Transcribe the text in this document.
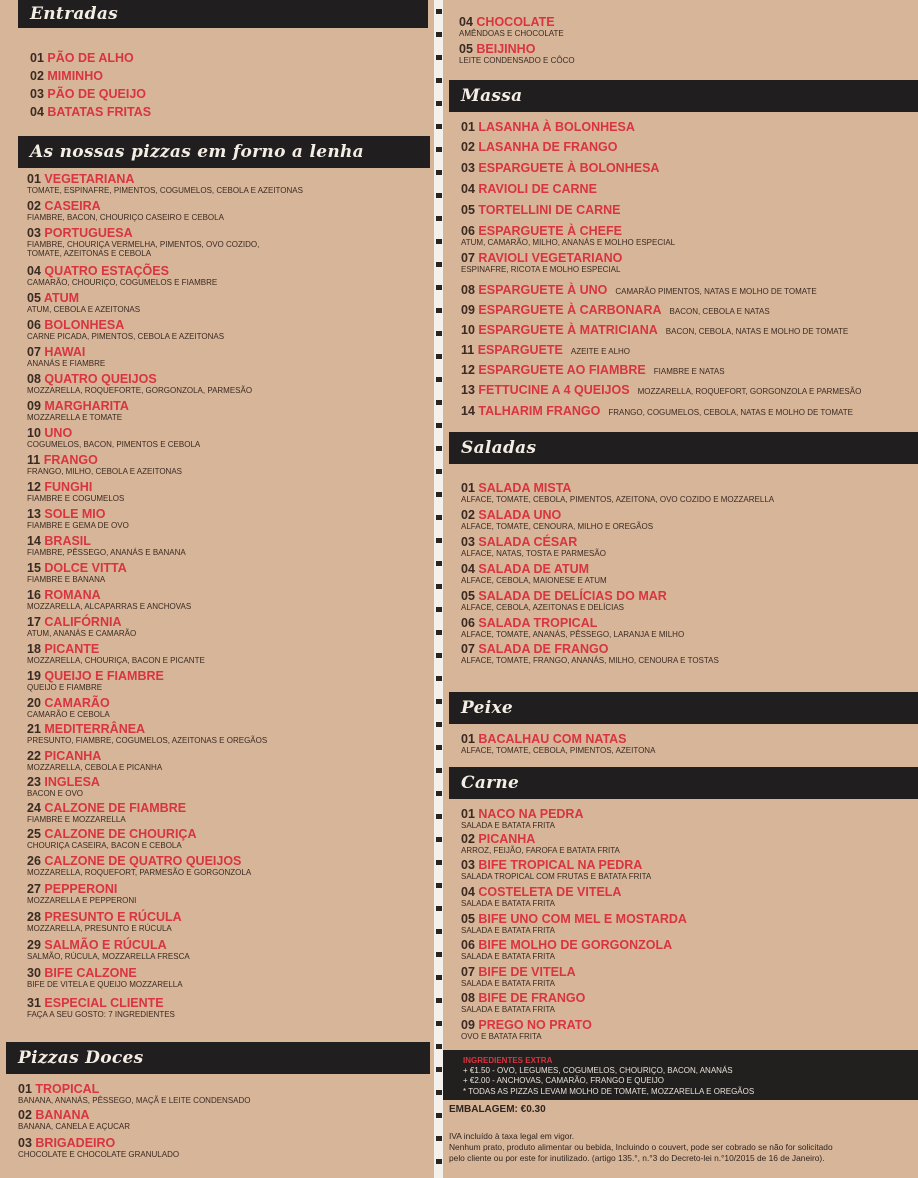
Entradas
As nossas pizzas em forno a lenha
Pizzas Doces
Massa
Saladas
Peixe
Carne
01 PÃO DE ALHO
02 MIMINHO
03 PÃO DE QUEIJO
04 BATATAS FRITAS
01 VEGETARIANA
TOMATE, ESPINAFRE, PIMENTOS, COGUMELOS, CEBOLA E AZEITONAS
02 CASEIRA
FIAMBRE, BACON, CHOURIÇO CASEIRO E CEBOLA
03 PORTUGUESA
FIAMBRE, CHOURIÇA VERMELHA, PIMENTOS, OVO COZIDO,
TOMATE, AZEITONAS E CEBOLA
04 QUATRO ESTAÇÕES
CAMARÃO, CHOURIÇO, COGUMELOS E FIAMBRE
05 ATUM
ATUM, CEBOLA E AZEITONAS
06 BOLONHESA
CARNE PICADA, PIMENTOS, CEBOLA E AZEITONAS
07 HAWAI
ANANÁS E FIAMBRE
08 QUATRO QUEIJOS
MOZZARELLA, ROQUEFORTE, GORGONZOLA, PARMESÃO
09 MARGHARITA
MOZZARELLA E TOMATE
10 UNO
COGUMELOS, BACON, PIMENTOS E CEBOLA
11 FRANGO
FRANGO, MILHO, CEBOLA E AZEITONAS
12 FUNGHI
FIAMBRE E COGUMELOS
13 SOLE MIO
FIAMBRE E GEMA DE OVO
14 BRASIL
FIAMBRE, PÊSSEGO, ANANÁS E BANANA
15 DOLCE VITTA
FIAMBRE E BANANA
16 ROMANA
MOZZARELLA, ALCAPARRAS E ANCHOVAS
17 CALIFÓRNIA
ATUM, ANANÁS E CAMARÃO
18 PICANTE
MOZZARELLA, CHOURIÇA, BACON E PICANTE
19 QUEIJO E FIAMBRE
QUEIJO E FIAMBRE
20 CAMARÃO
CAMARÃO E CEBOLA
21 MEDITERRÂNEA
PRESUNTO, FIAMBRE, COGUMELOS, AZEITONAS E OREGÃOS
22 PICANHA
MOZZARELLA, CEBOLA E PICANHA
23 INGLESA
BACON E OVO
24 CALZONE DE FIAMBRE
FIAMBRE E MOZZARELLA
25 CALZONE DE CHOURIÇA
CHOURIÇA CASEIRA, BACON E CEBOLA
26 CALZONE DE QUATRO QUEIJOS
MOZZARELLA, ROQUEFORT, PARMESÃO E GORGONZOLA
27 PEPPERONI
MOZZARELLA E PEPPERONI
28 PRESUNTO E RÚCULA
MOZZARELLA, PRESUNTO E RÚCULA
29 SALMÃO E RÚCULA
SALMÃO, RÚCULA, MOZZARELLA FRESCA
30 BIFE CALZONE
BIFE DE VITELA E QUEIJO MOZZARELLA
31 ESPECIAL CLIENTE
FAÇA A SEU GOSTO: 7 INGREDIENTES
01 TROPICAL
BANANA, ANANÁS, PÊSSEGO, MAÇÃ E LEITE CONDENSADO
02 BANANA
BANANA, CANELA E AÇUCAR
03 BRIGADEIRO
CHOCOLATE E CHOCOLATE GRANULADO
04 CHOCOLATE
AMÊNDOAS E CHOCOLATE
05 BEIJINHO
LEITE CONDENSADO E CÔCO
01 LASANHA À BOLONHESA
02 LASANHA DE FRANGO
03 ESPARGUETE À BOLONHESA
04 RAVIOLI DE CARNE
05 TORTELLINI DE CARNE
06 ESPARGUETE À CHEFE
ATUM, CAMARÃO, MILHO, ANANÁS E MOLHO ESPECIAL
07 RAVIOLI VEGETARIANO
ESPINAFRE, RICOTA E MOLHO ESPECIAL
08 ESPARGUETE À UNO CAMARÃO PIMENTOS, NATAS E MOLHO DE TOMATE
09 ESPARGUETE À CARBONARA BACON, CEBOLA E NATAS
10 ESPARGUETE À MATRICIANA BACON, CEBOLA, NATAS E MOLHO DE TOMATE
11 ESPARGUETE AZEITE E ALHO
12 ESPARGUETE AO FIAMBRE FIAMBRE E NATAS
13 FETTUCINE A 4 QUEIJOS MOZZARELLA, ROQUEFORT, GORGONZOLA E PARMESÃO
14 TALHARIM FRANGO FRANGO, COGUMELOS, CEBOLA, NATAS E MOLHO DE TOMATE
01 SALADA MISTA
ALFACE, TOMATE, CEBOLA, PIMENTOS, AZEITONA, OVO COZIDO E MOZZARELLA
02 SALADA UNO
ALFACE, TOMATE, CENOURA, MILHO E OREGÃOS
03 SALADA CÉSAR
ALFACE, NATAS, TOSTA E PARMESÃO
04 SALADA DE ATUM
ALFACE, CEBOLA, MAIONESE E ATUM
05 SALADA DE DELÍCIAS DO MAR
ALFACE, CEBOLA, AZEITONAS E DELÍCIAS
06 SALADA TROPICAL
ALFACE, TOMATE, ANANÁS, PÊSSEGO, LARANJA E MILHO
07 SALADA DE FRANGO
ALFACE, TOMATE, FRANGO, ANANÁS, MILHO, CENOURA E TOSTAS
01 BACALHAU COM NATAS
ALFACE, TOMATE, CEBOLA, PIMENTOS, AZEITONA
01 NACO NA PEDRA
SALADA E BATATA FRITA
02 PICANHA
ARROZ, FEIJÃO, FAROFA E BATATA FRITA
03 BIFE TROPICAL NA PEDRA
SALADA TROPICAL COM FRUTAS E BATATA FRITA
04 COSTELETA DE VITELA
SALADA E BATATA FRITA
05 BIFE UNO COM MEL E MOSTARDA
SALADA E BATATA FRITA
06 BIFE MOLHO DE GORGONZOLA
SALADA E BATATA FRITA
07 BIFE DE VITELA
SALADA E BATATA FRITA
08 BIFE DE FRANGO
SALADA E BATATA FRITA
09 PREGO NO PRATO
OVO E BATATA FRITA
INGREDIENTES EXTRA
+ €1.50 - OVO, LEGUMES, COGUMELOS, CHOURIÇO, BACON, ANANÁS
+ €2.00 - ANCHOVAS, CAMARÃO, FRANGO E QUEIJO
* TODAS AS PIZZAS LEVAM MOLHO DE TOMATE, MOZZARELLA E OREGÃOS
EMBALAGEM: €0.30
IVA incluído à taxa legal em vigor.
Nenhum prato, produto alimentar ou bebida, Incluindo o couvert, pode ser cobrado se não for solicitado
pelo cliente ou por este for inutilizado. (artigo 135.°, n.°3 do Decreto-lei n.°10/2015 de 16 de Janeiro).
